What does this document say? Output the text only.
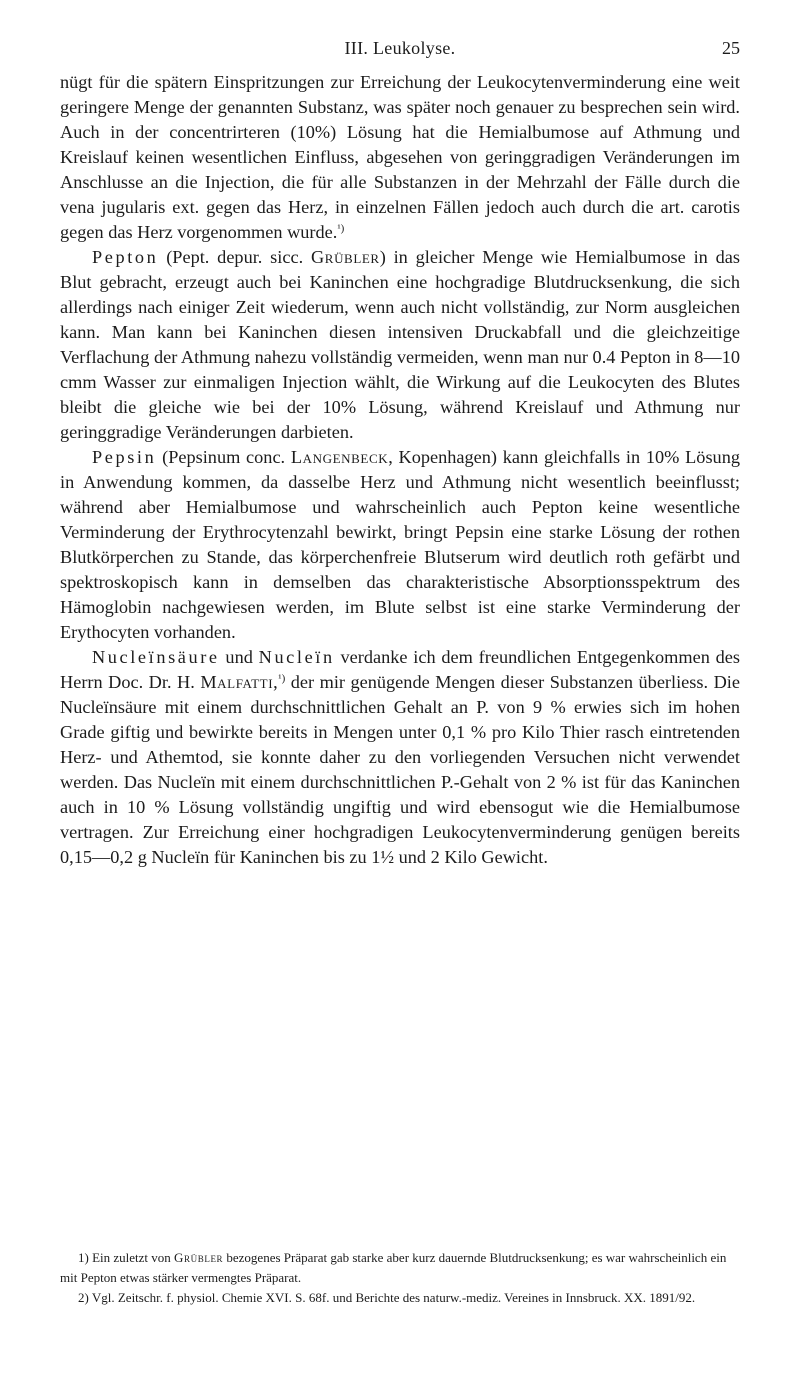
III. Leukolyse.	25

nügt für die spätern Einspritzungen zur Erreichung der Leukocytenverminderung eine weit geringere Menge der genannten Substanz, was später noch genauer zu besprechen sein wird. Auch in der concentrirteren (10%) Lösung hat die Hemialbumose auf Athmung und Kreislauf keinen wesentlichen Einfluss, abgesehen von geringgradigen Veränderungen im Anschlusse an die Injection, die für alle Substanzen in der Mehrzahl der Fälle durch die vena jugularis ext. gegen das Herz, in einzelnen Fällen jedoch auch durch die art. carotis gegen das Herz vorgenommen wurde.$^{^1)}$

Pepton (Pept. depur. sicc. Grübler) in gleicher Menge wie Hemialbumose in das Blut gebracht, erzeugt auch bei Kaninchen eine hochgradige Blutdrucksenkung, die sich allerdings nach einiger Zeit wiederum, wenn auch nicht vollständig, zur Norm ausgleichen kann. Man kann bei Kaninchen diesen intensiven Druckabfall und die gleichzeitige Verflachung der Athmung nahezu vollständig vermeiden, wenn man nur 0.4 Pepton in 8—10 cmm Wasser zur einmaligen Injection wählt, die Wirkung auf die Leukocyten des Blutes bleibt die gleiche wie bei der 10% Lösung, während Kreislauf und Athmung nur geringgradige Veränderungen darbieten.

Pepsin (Pepsinum conc. Langenbeck, Kopenhagen) kann gleichfalls in 10% Lösung in Anwendung kommen, da dasselbe Herz und Athmung nicht wesentlich beeinflusst; während aber Hemialbumose und wahrscheinlich auch Pepton keine wesentliche Verminderung der Erythrocytenzahl bewirkt, bringt Pepsin eine starke Lösung der rothen Blutkörperchen zu Stande, das körperchenfreie Blutserum wird deutlich roth gefärbt und spektroskopisch kann in demselben das charakteristische Absorptionsspektrum des Hämoglobin nachgewiesen werden, im Blute selbst ist eine starke Verminderung der Erythocyten vorhanden.

Nucleïnsäure und Nucleïn verdanke ich dem freundlichen Entgegenkommen des Herrn Doc. Dr. H. Malfatti,$^{^1)}$ der mir genügende Mengen dieser Substanzen überliess. Die Nucleïnsäure mit einem durchschnittlichen Gehalt an P. von 9 % erwies sich im hohen Grade giftig und bewirkte bereits in Mengen unter 0,1 % pro Kilo Thier rasch eintretenden Herz- und Athemtod, sie konnte daher zu den vorliegenden Versuchen nicht verwendet werden. Das Nucleïn mit einem durchschnittlichen P.-Gehalt von 2 % ist für das Kaninchen auch in 10 % Lösung vollständig ungiftig und wird ebensogut wie die Hemialbumose vertragen. Zur Erreichung einer hochgradigen Leukocytenverminderung genügen bereits 0,15—0,2 g Nucleïn für Kaninchen bis zu 1½ und 2 Kilo Gewicht.

1) Ein zuletzt von Grübler bezogenes Präparat gab starke aber kurz dauernde Blutdrucksenkung; es war wahrscheinlich ein mit Pepton etwas stärker vermengtes Präparat.

2) Vgl. Zeitschr. f. physiol. Chemie XVI. S. 68f. und Berichte des naturw.-mediz. Vereines in Innsbruck. XX. 1891/92.
